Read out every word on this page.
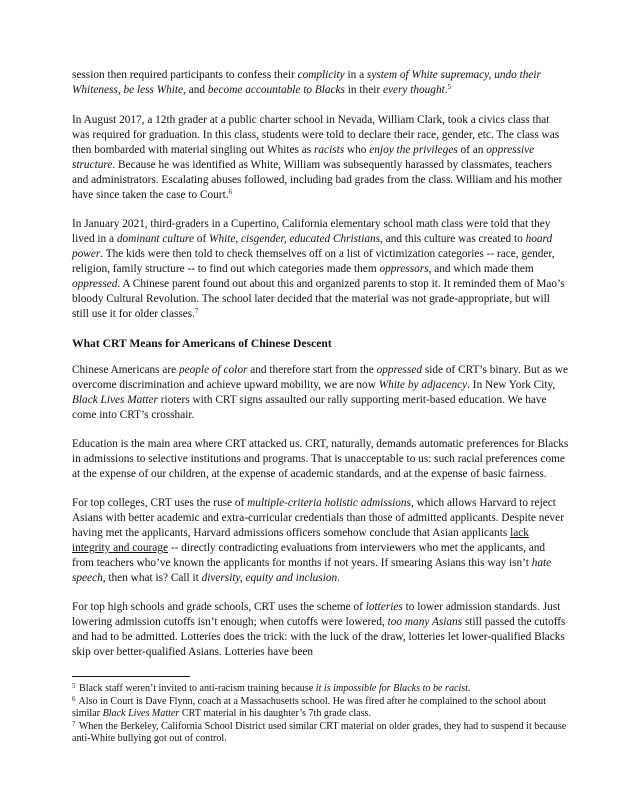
session then required participants to confess their complicity in a system of White supremacy, undo their Whiteness, be less White, and become accountable to Blacks in their every thought.$^5$

In August 2017, a 12th grader at a public charter school in Nevada, William Clark, took a civics class that was required for graduation. In this class, students were told to declare their race, gender, etc. The class was then bombarded with material singling out Whites as racists who enjoy the privileges of an oppressive structure. Because he was identified as White, William was subsequently harassed by classmates, teachers and administrators. Escalating abuses followed, including bad grades from the class. William and his mother have since taken the case to Court.$^6$

In January 2021, third-graders in a Cupertino, California elementary school math class were told that they lived in a dominant culture of White, cisgender, educated Christians, and this culture was created to hoard power. The kids were then told to check themselves off on a list of victimization categories -- race, gender, religion, family structure -- to find out which categories made them oppressors, and which made them oppressed. A Chinese parent found out about this and organized parents to stop it. It reminded them of Mao’s bloody Cultural Revolution. The school later decided that the material was not grade-appropriate, but will still use it for older classes.$^7$

What CRT Means for Americans of Chinese Descent

Chinese Americans are people of color and therefore start from the oppressed side of CRT’s binary. But as we overcome discrimination and achieve upward mobility, we are now White by adjacency. In New York City, Black Lives Matter rioters with CRT signs assaulted our rally supporting merit-based education. We have come into CRT’s crosshair.

Education is the main area where CRT attacked us. CRT, naturally, demands automatic preferences for Blacks in admissions to selective institutions and programs. That is unacceptable to us: such racial preferences come at the expense of our children, at the expense of academic standards, and at the expense of basic fairness.

For top colleges, CRT uses the ruse of multiple-criteria holistic admissions, which allows Harvard to reject Asians with better academic and extra-curricular credentials than those of admitted applicants. Despite never having met the applicants, Harvard admissions officers somehow conclude that Asian applicants lack integrity and courage -- directly contradicting evaluations from interviewers who met the applicants, and from teachers who’ve known the applicants for months if not years. If smearing Asians this way isn’t hate speech, then what is? Call it diversity, equity and inclusion.

For top high schools and grade schools, CRT uses the scheme of lotteries to lower admission standards. Just lowering admission cutoffs isn’t enough; when cutoffs were lowered, too many Asians still passed the cutoffs and had to be admitted. Lotteries does the trick: with the luck of the draw, lotteries let lower-qualified Blacks skip over better-qualified Asians. Lotteries have been

$^5$ Black staff weren’t invited to anti-racism training because it is impossible for Blacks to be racist.

$^6$ Also in Court is Dave Flynn, coach at a Massachusetts school. He was fired after he complained to the school about similar Black Lives Matter CRT material in his daughter’s 7th grade class.

$^7$ When the Berkeley, California School District used similar CRT material on older grades, they had to suspend it because anti-White bullying got out of control.
